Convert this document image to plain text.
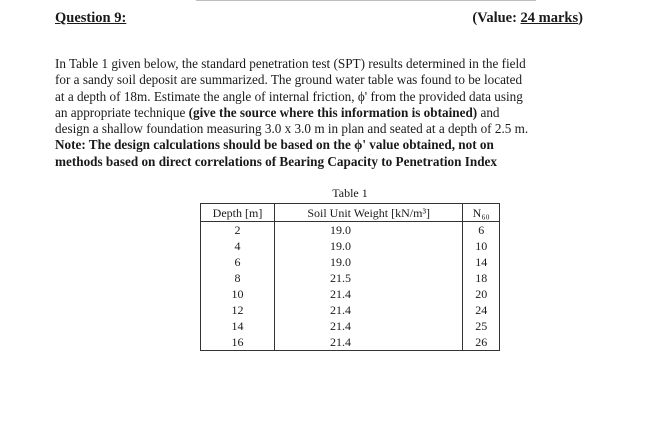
Question 9:	(Value: 24 marks)
In Table 1 given below, the standard penetration test (SPT) results determined in the field
for a sandy soil deposit are summarized. The ground water table was found to be located
at a depth of 18m. Estimate the angle of internal friction, ϕ' from the provided data using
an appropriate technique (give the source where this information is obtained) and
design a shallow foundation measuring 3.0 x 3.0 m in plan and seated at a depth of 2.5 m.
Note: The design calculations should be based on the ϕ' value obtained, not on
methods based on direct correlations of Bearing Capacity to Penetration Index
Table 1
Depth [m]	Soil Unit Weight [kN/m³]	N₆₀
2	19.0	6
4	19.0	10
6	19.0	14
8	21.5	18
10	21.4	20
12	21.4	24
14	21.4	25
16	21.4	26
